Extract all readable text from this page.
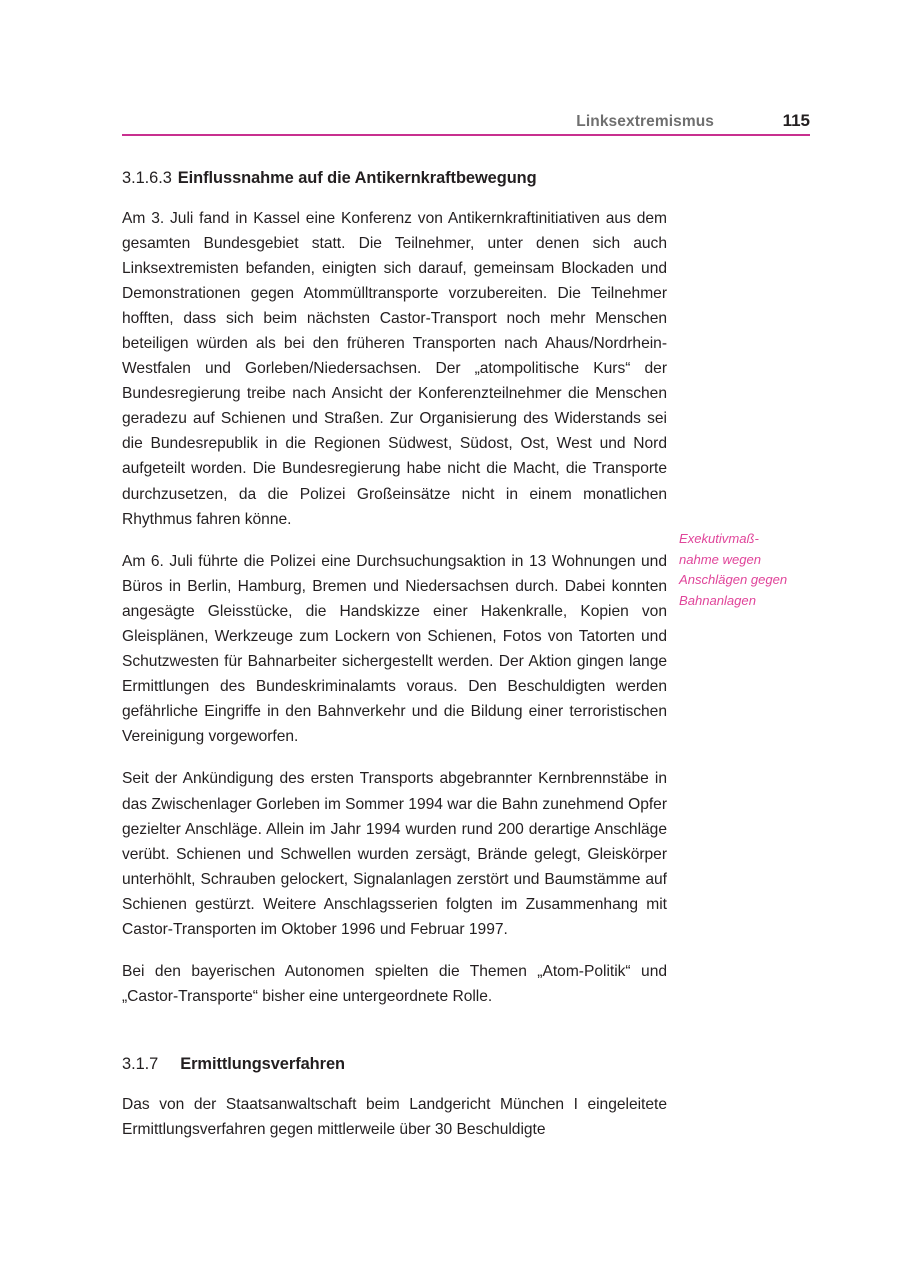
Linksextremismus	115
3.1.6.3 Einflussnahme auf die Antikernkraftbewegung

Am 3. Juli fand in Kassel eine Konferenz von Antikernkraftinitiativen aus dem gesamten Bundesgebiet statt. Die Teilnehmer, unter denen sich auch Linksextremisten befanden, einigten sich darauf, gemeinsam Blockaden und Demonstrationen gegen Atommülltransporte vorzubereiten. Die Teilnehmer hofften, dass sich beim nächsten Castor-Transport noch mehr Menschen beteiligen würden als bei den früheren Transporten nach Ahaus/Nordrhein-Westfalen und Gorleben/Niedersachsen. Der „atompolitische Kurs“ der Bundesregierung treibe nach Ansicht der Konferenzteilnehmer die Menschen geradezu auf Schienen und Straßen. Zur Organisierung des Widerstands sei die Bundesrepublik in die Regionen Südwest, Südost, Ost, West und Nord aufgeteilt worden. Die Bundesregierung habe nicht die Macht, die Transporte durchzusetzen, da die Polizei Großeinsätze nicht in einem monatlichen Rhythmus fahren könne.

Am 6. Juli führte die Polizei eine Durchsuchungsaktion in 13 Wohnungen und Büros in Berlin, Hamburg, Bremen und Niedersachsen durch. Dabei konnten angesägte Gleisstücke, die Handskizze einer Hakenkralle, Kopien von Gleisplänen, Werkzeuge zum Lockern von Schienen, Fotos von Tatorten und Schutzwesten für Bahnarbeiter sichergestellt werden. Der Aktion gingen lange Ermittlungen des Bundeskriminalamts voraus. Den Beschuldigten werden gefährliche Eingriffe in den Bahnverkehr und die Bildung einer terroristischen Vereinigung vorgeworfen.

Seit der Ankündigung des ersten Transports abgebrannter Kernbrennstäbe in das Zwischenlager Gorleben im Sommer 1994 war die Bahn zunehmend Opfer gezielter Anschläge. Allein im Jahr 1994 wurden rund 200 derartige Anschläge verübt. Schienen und Schwellen wurden zersägt, Brände gelegt, Gleiskörper unterhöhlt, Schrauben gelockert, Signalanlagen zerstört und Baumstämme auf Schienen gestürzt. Weitere Anschlagsserien folgten im Zusammenhang mit Castor-Transporten im Oktober 1996 und Februar 1997.

Bei den bayerischen Autonomen spielten die Themen „Atom-Politik“ und „Castor-Transporte“ bisher eine untergeordnete Rolle.

3.1.7 Ermittlungsverfahren

Das von der Staatsanwaltschaft beim Landgericht München I eingeleitete Ermittlungsverfahren gegen mittlerweile über 30 Beschuldigte

Exekutivmaß-
nahme wegen
Anschlägen gegen
Bahnanlagen
